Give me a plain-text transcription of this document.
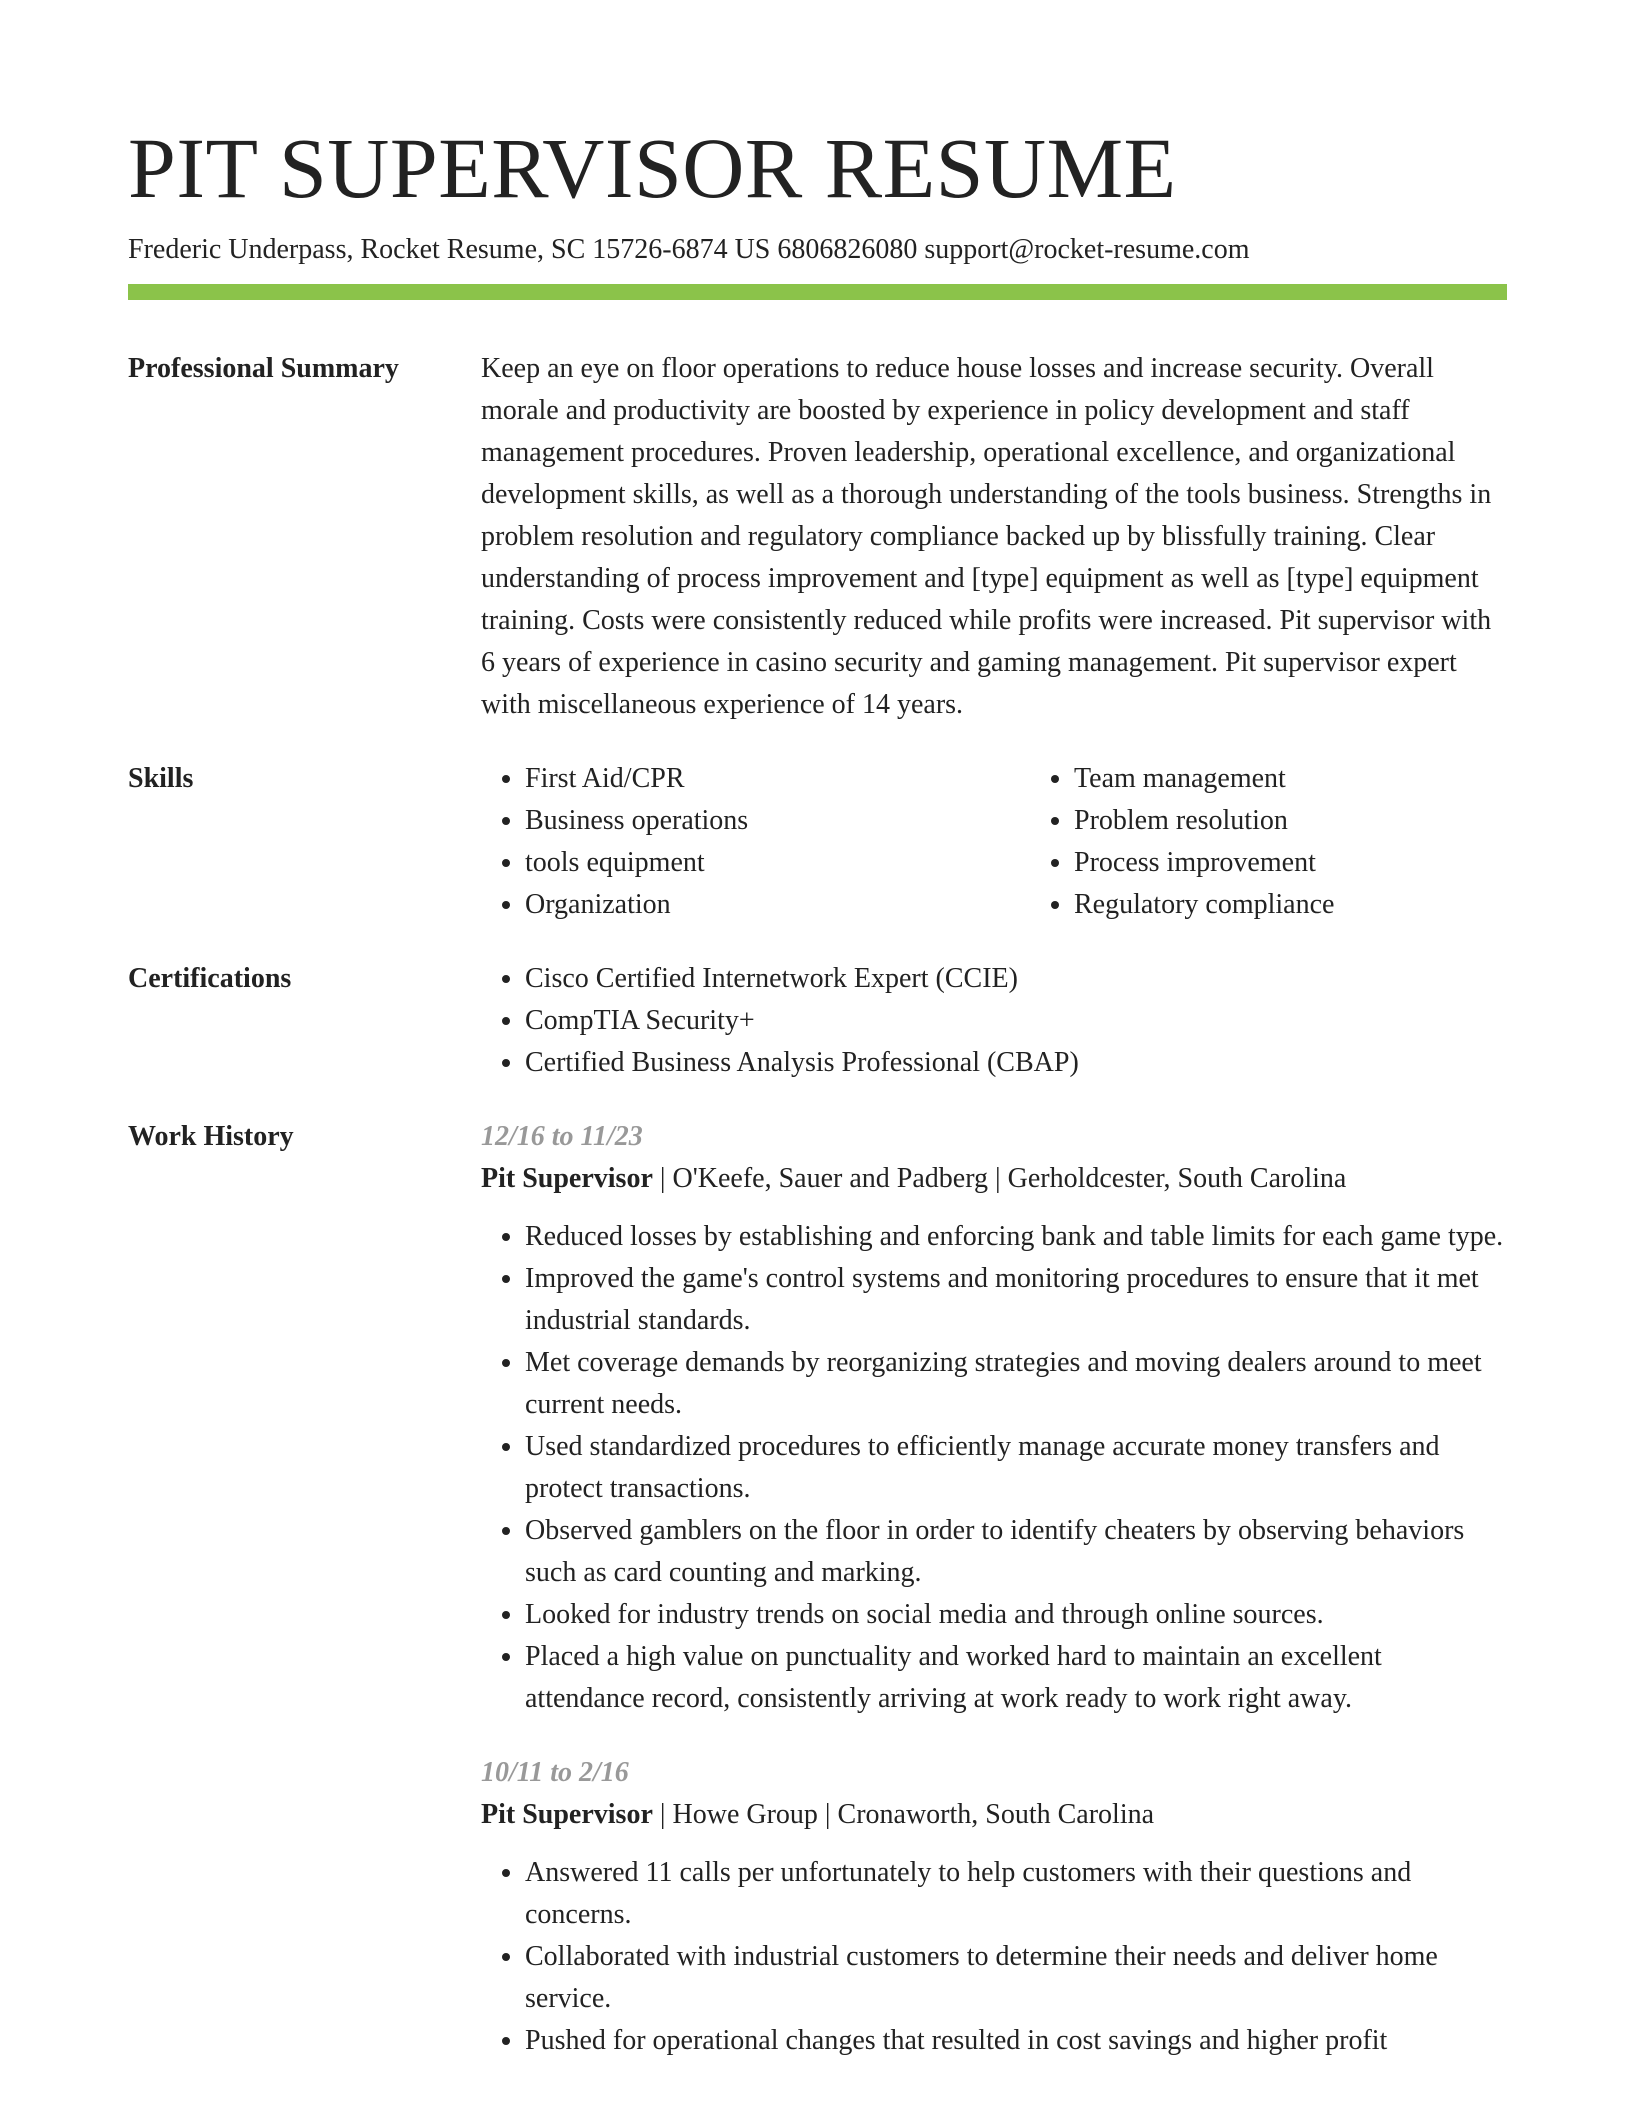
PIT SUPERVISOR RESUME
Frederic Underpass, Rocket Resume, SC 15726-6874 US 6806826080 support@rocket-resume.com
Professional Summary	Keep an eye on floor operations to reduce house losses and increase security. Overall morale and productivity are boosted by experience in policy development and staff management procedures. Proven leadership, operational excellence, and organizational development skills, as well as a thorough understanding of the tools business. Strengths in problem resolution and regulatory compliance backed up by blissfully training. Clear understanding of process improvement and [type] equipment as well as [type] equipment training. Costs were consistently reduced while profits were increased. Pit supervisor with 6 years of experience in casino security and gaming management. Pit supervisor expert with miscellaneous experience of 14 years.

Skills	• First Aid/CPR
• Business operations
• tools equipment
• Organization
• Team management
• Problem resolution
• Process improvement
• Regulatory compliance
Certifications	• Cisco Certified Internetwork Expert (CCIE)
• CompTIA Security+
• Certified Business Analysis Professional (CBAP)
Work History	12/16 to 11/23
Pit Supervisor | O'Keefe, Sauer and Padberg | Gerholdcester, South Carolina
• Reduced losses by establishing and enforcing bank and table limits for each game type.
• Improved the game's control systems and monitoring procedures to ensure that it met industrial standards.
• Met coverage demands by reorganizing strategies and moving dealers around to meet current needs.
• Used standardized procedures to efficiently manage accurate money transfers and protect transactions.
• Observed gamblers on the floor in order to identify cheaters by observing behaviors such as card counting and marking.
• Looked for industry trends on social media and through online sources.
• Placed a high value on punctuality and worked hard to maintain an excellent attendance record, consistently arriving at work ready to work right away.
10/11 to 2/16
Pit Supervisor | Howe Group | Cronaworth, South Carolina
• Answered 11 calls per unfortunately to help customers with their questions and concerns.
• Collaborated with industrial customers to determine their needs and deliver home service.
• Pushed for operational changes that resulted in cost savings and higher profit
